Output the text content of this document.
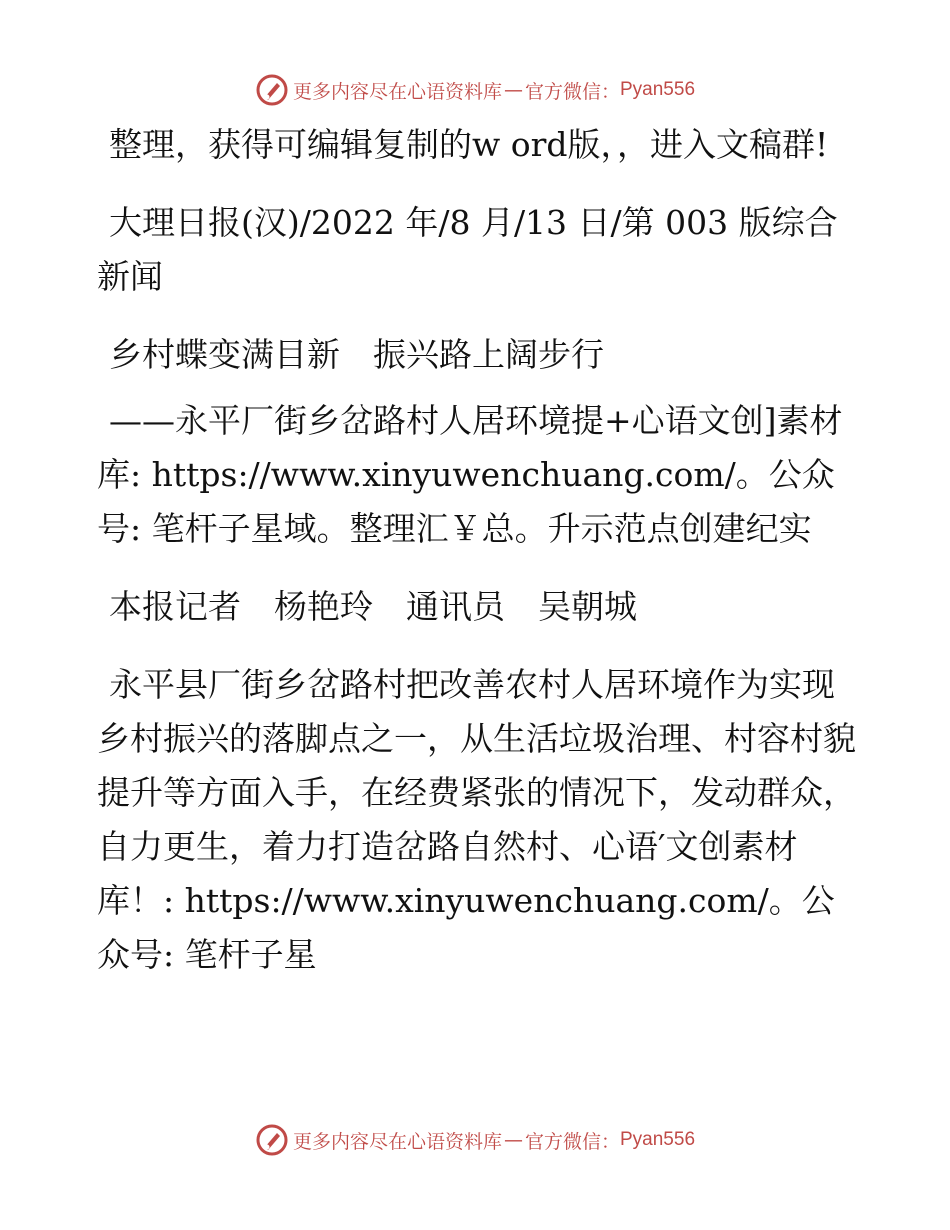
更多内容尽在心语资料库 — 官方微信： Pyan556

整理，获得可编辑复制的w ord版，，进入文稿群!

大理日报(汉)/2022 年/8 月/13 日/第 003 版综合新闻

乡村蝶变满目新　振兴路上阔步行

——永平厂街乡岔路村人居环境提+心语文创]素材库: https://www.xinyuwenchuang.com/。公众号: 笔杆子星域。整理汇￥总。升示范点创建纪实

本报记者　杨艳玲　通讯员　吴朝城

永平县厂街乡岔路村把改善农村人居环境作为实现乡村振兴的落脚点之一，从生活垃圾治理、村容村貌提升等方面入手，在经费紧张的情况下，发动群众，自力更生，着力打造岔路自然村、心语′文创素材库！: https://www.xinyuwenchuang.com/。公众号: 笔杆子星

更多内容尽在心语资料库 — 官方微信： Pyan556
